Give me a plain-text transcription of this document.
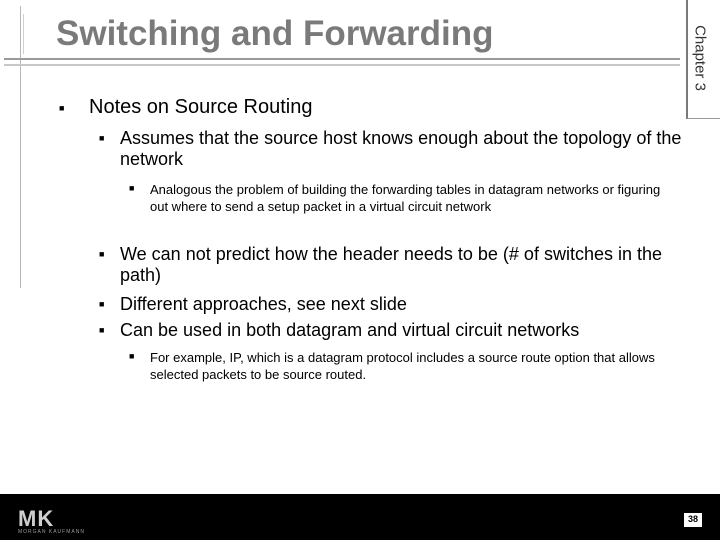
Chapter 3
Switching and Forwarding
■ Notes on Source Routing

■ Assumes that the source host knows enough about the topology of the network

■ Analogous the problem of building the forwarding tables in datagram networks or figuring out where to send a setup packet in a virtual circuit network

■ We can not predict how the header needs to be (# of switches in the path)

■ Different approaches, see next slide

■ Can be used in both datagram and virtual circuit networks

■ For example, IP, which is a datagram protocol includes a source route option that allows selected packets to be source routed.

MK
MORGAN KAUFMANN
38
